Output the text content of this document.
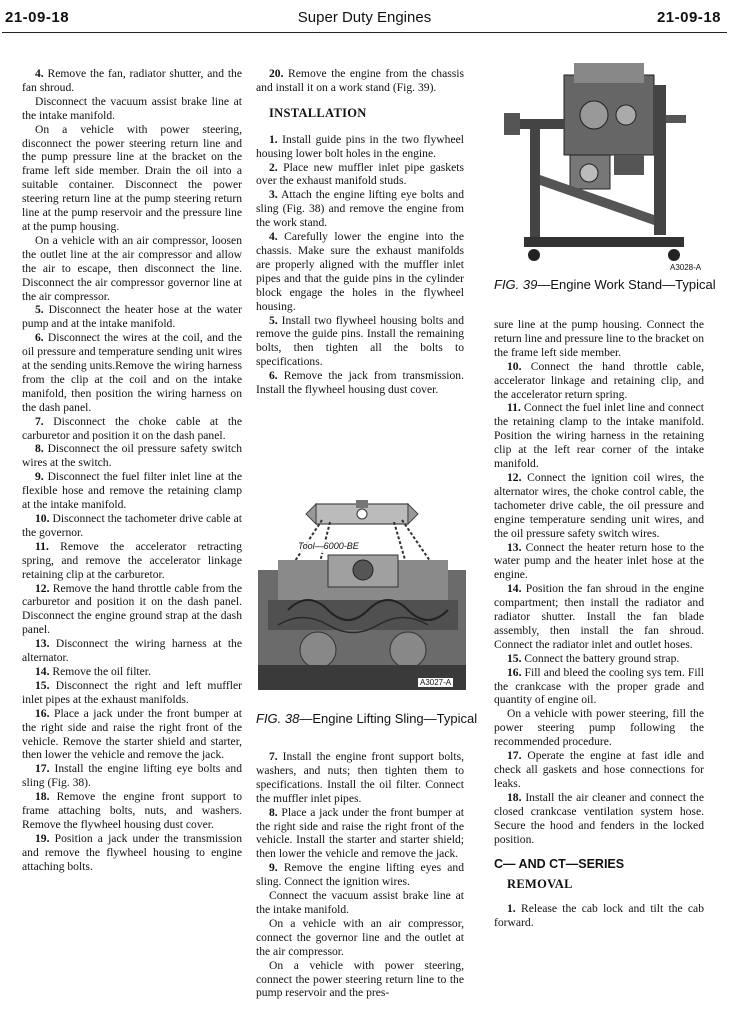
Super Duty Engines
21-09-18	21-09-18

4. Remove the fan, radiator shutter, and the fan shroud.

Disconnect the vacuum assist brake line at the intake manifold.

On a vehicle with power steering, disconnect the power steering return line and the pump pressure line at the bracket on the frame left side member. Drain the oil into a suitable container. Disconnect the power steering return line at the pump steering return line at the pump reservoir and the pressure line at the pump housing.

On a vehicle with an air compressor, loosen the outlet line at the air compressor and allow the air to escape, then disconnect the line. Disconnect the air compressor governor line at the air compressor.

5. Disconnect the heater hose at the water pump and at the intake manifold.

6. Disconnect the wires at the coil, and the oil pressure and temperature sending unit wires at the sending units.Remove the wiring harness from the clip at the coil and on the intake manifold, then position the wiring harness on the dash panel.

7. Disconnect the choke cable at the carburetor and position it on the dash panel.

8. Disconnect the oil pressure safety switch wires at the switch.

9. Disconnect the fuel filter inlet line at the flexible hose and remove the retaining clamp at the intake manifold.

10. Disconnect the tachometer drive cable at the governor.

11. Remove the accelerator retracting spring, and remove the accelerator linkage retaining clip at the carburetor.

12. Remove the hand throttle cable from the carburetor and position it on the dash panel. Disconnect the engine ground strap at the dash panel.

13. Disconnect the wiring harness at the alternator.

14. Remove the oil filter.

15. Disconnect the right and left muffler inlet pipes at the exhaust manifolds.

16. Place a jack under the front bumper at the right side and raise the right front of the vehicle. Remove the starter shield and starter, then lower the vehicle and remove the jack.

17. Install the engine lifting eye bolts and sling (Fig. 38).

18. Remove the engine front support to frame attaching bolts, nuts, and washers. Remove the flywheel housing dust cover.

19. Position a jack under the transmission and remove the flywheel housing to engine attaching bolts.

20. Remove the engine from the chassis and install it on a work stand (Fig. 39).

INSTALLATION

1. Install guide pins in the two flywheel housing lower bolt holes in the engine.

2. Place new muffler inlet pipe gaskets over the exhaust manifold studs.

3. Attach the engine lifting eye bolts and sling (Fig. 38) and remove the engine from the work stand.

4. Carefully lower the engine into the chassis. Make sure the exhaust manifolds are properly aligned with the muffler inlet pipes and that the guide pins in the cylinder block engage the holes in the flywheel housing.

5. Install two flywheel housing bolts and remove the guide pins. Install the remaining bolts, then tighten all the bolts to specifications.

6. Remove the jack from transmission. Install the flywheel housing dust cover.

Tool—6000-BE
A3027-A
FIG. 38—Engine Lifting Sling—Typical

7. Install the engine front support bolts, washers, and nuts; then tighten them to specifications. Install the oil filter. Connect the muffler inlet pipes.

8. Place a jack under the front bumper at the right side and raise the right front of the vehicle. Install the starter and starter shield; then lower the vehicle and remove the jack.

9. Remove the engine lifting eyes and sling. Connect the ignition wires.

Connect the vacuum assist brake line at the intake manifold.

On a vehicle with an air compressor, connect the governor line and the outlet at the air compressor.

On a vehicle with power steering, connect the power steering return line to the pump reservoir and the pres-

A3028-A
FIG. 39—Engine Work Stand—Typical

sure line at the pump housing. Connect the return line and pressure line to the bracket on the frame left side member.

10. Connect the hand throttle cable, accelerator linkage and retaining clip, and the accelerator return spring.

11. Connect the fuel inlet line and connect the retaining clamp to the intake manifold. Position the wiring harness in the retaining clip at the left rear corner of the intake manifold.

12. Connect the ignition coil wires, the alternator wires, the choke control cable, the tachometer drive cable, the oil pressure and engine temperature sending unit wires, and the oil pressure safety switch wires.

13. Connect the heater return hose to the water pump and the heater inlet hose at the engine.

14. Position the fan shroud in the engine compartment; then install the radiator and radiator shutter. Install the fan blade assembly, then install the fan shroud. Connect the radiator inlet and outlet hoses.

15. Connect the battery ground strap.

16. Fill and bleed the cooling sys tem. Fill the crankcase with the proper grade and quantity of engine oil.

On a vehicle with power steering, fill the power steering pump following the recommended procedure.

17. Operate the engine at fast idle and check all gaskets and hose connections for leaks.

18. Install the air cleaner and connect the closed crankcase ventilation system hose. Secure the hood and fenders in the locked position.

C— AND CT—SERIES
REMOVAL

1. Release the cab lock and tilt the cab forward.
